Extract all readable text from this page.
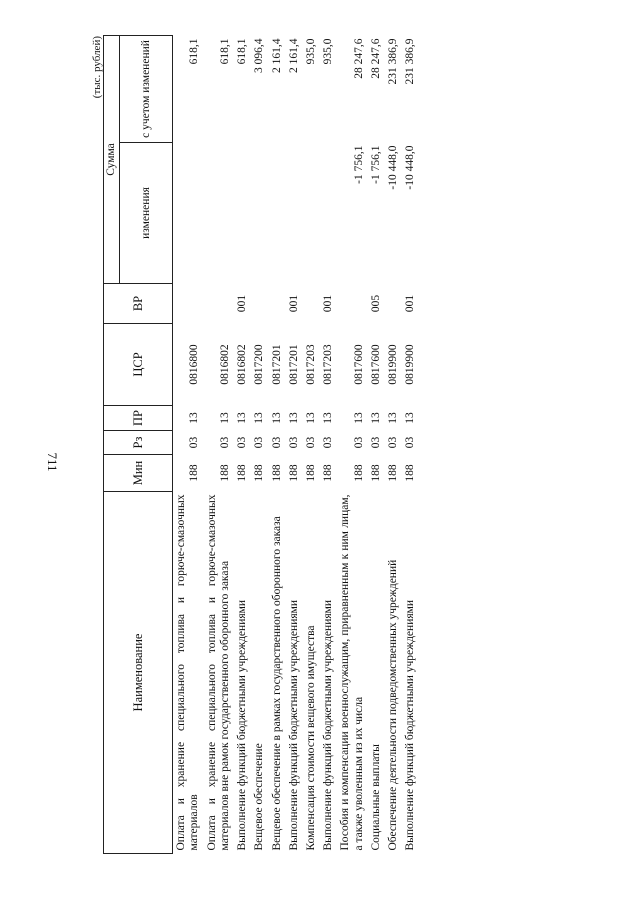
711
(тыс. рублей)
Наименование	Мин	Рз	ПР	ЦСР	ВР	Сумма	
						изменения	с учетом изменений
Оплата и хранение специального топлива и горюче-смазочных материалов	188	03	13	0816800			618,1
Оплата и хранение специального топлива и горюче-смазочных материалов вне рамок государственного оборонного заказа	188	03	13	0816802			618,1
Выполнение функций бюджетными учреждениями	188	03	13	0816802	001		618,1
Вещевое обеспечение	188	03	13	0817200			3 096,4
Вещевое обеспечение в рамках государственного оборонного заказа	188	03	13	0817201			2 161,4
Выполнение функций бюджетными учреждениями	188	03	13	0817201	001		2 161,4
Компенсация стоимости вещевого имущества	188	03	13	0817203			935,0
Выполнение функций бюджетными учреждениями	188	03	13	0817203	001		935,0
Пособия и компенсации военнослужащим, приравненным к ним лицам, а также уволенным из их числа	188	03	13	0817600		-1 756,1	28 247,6
Социальные выплаты	188	03	13	0817600	005	-1 756,1	28 247,6
Обеспечение деятельности подведомственных учреждений	188	03	13	0819900		-10 448,0	231 386,9
Выполнение функций бюджетными учреждениями	188	03	13	0819900	001	-10 448,0	231 386,9
